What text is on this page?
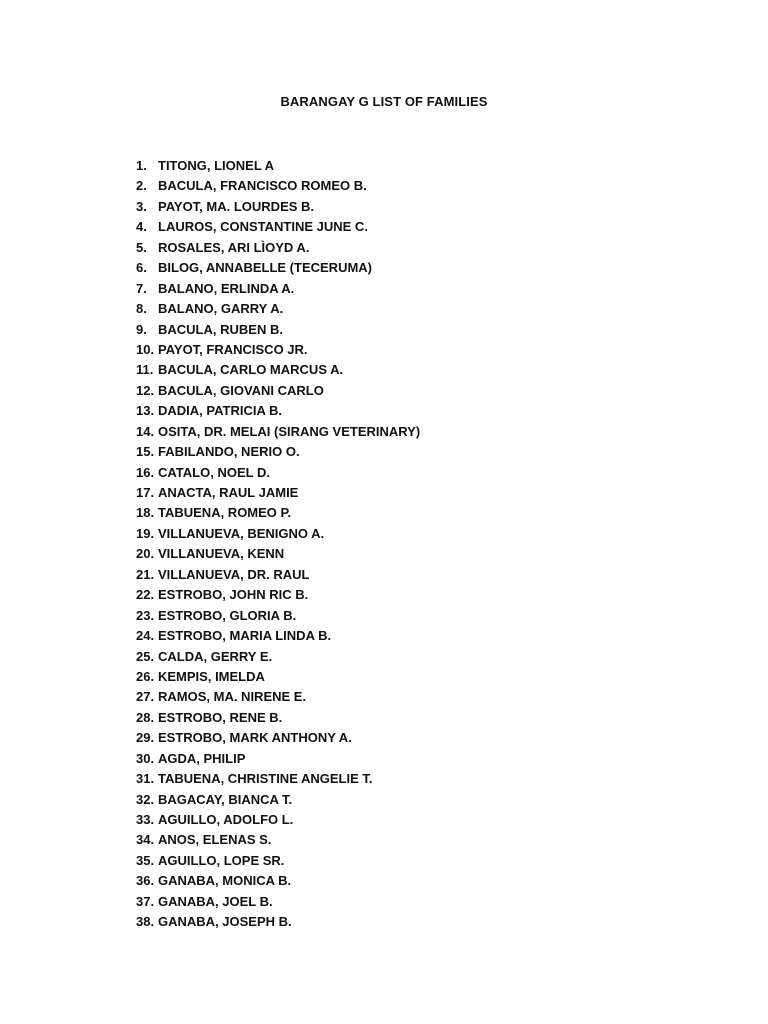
BARANGAY G LIST OF FAMILIES
1. TITONG, LIONEL A
2. BACULA, FRANCISCO ROMEO B.
3. PAYOT, MA. LOURDES B.
4. LAUROS, CONSTANTINE JUNE C.
5. ROSALES, ARI LÌOYD A.
6. BILOG, ANNABELLE (TECERUMA)
7. BALANO, ERLINDA A.
8. BALANO, GARRY A.
9. BACULA, RUBEN B.
10. PAYOT, FRANCISCO JR.
11. BACULA, CARLO MARCUS A.
12. BACULA, GIOVANI CARLO
13. DADIA, PATRICIA B.
14. OSITA, DR. MELAI (SIRANG VETERINARY)
15. FABILANDO, NERIO O.
16. CATALO, NOEL D.
17. ANACTA, RAUL JAMIE
18. TABUENA, ROMEO P.
19. VILLANUEVA, BENIGNO A.
20. VILLANUEVA, KENN
21. VILLANUEVA, DR. RAUL
22. ESTROBO, JOHN RIC B.
23. ESTROBO, GLORIA B.
24. ESTROBO, MARIA LINDA B.
25. CALDA, GERRY E.
26. KEMPIS, IMELDA
27. RAMOS, MA. NIRENE E.
28. ESTROBO, RENE B.
29. ESTROBO, MARK ANTHONY A.
30. AGDA, PHILIP
31. TABUENA, CHRISTINE ANGELIE T.
32. BAGACAY, BIANCA T.
33. AGUILLO, ADOLFO L.
34. ANOS, ELENAS S.
35. AGUILLO, LOPE SR.
36. GANABA, MONICA B.
37. GANABA, JOEL B.
38. GANABA, JOSEPH B.
